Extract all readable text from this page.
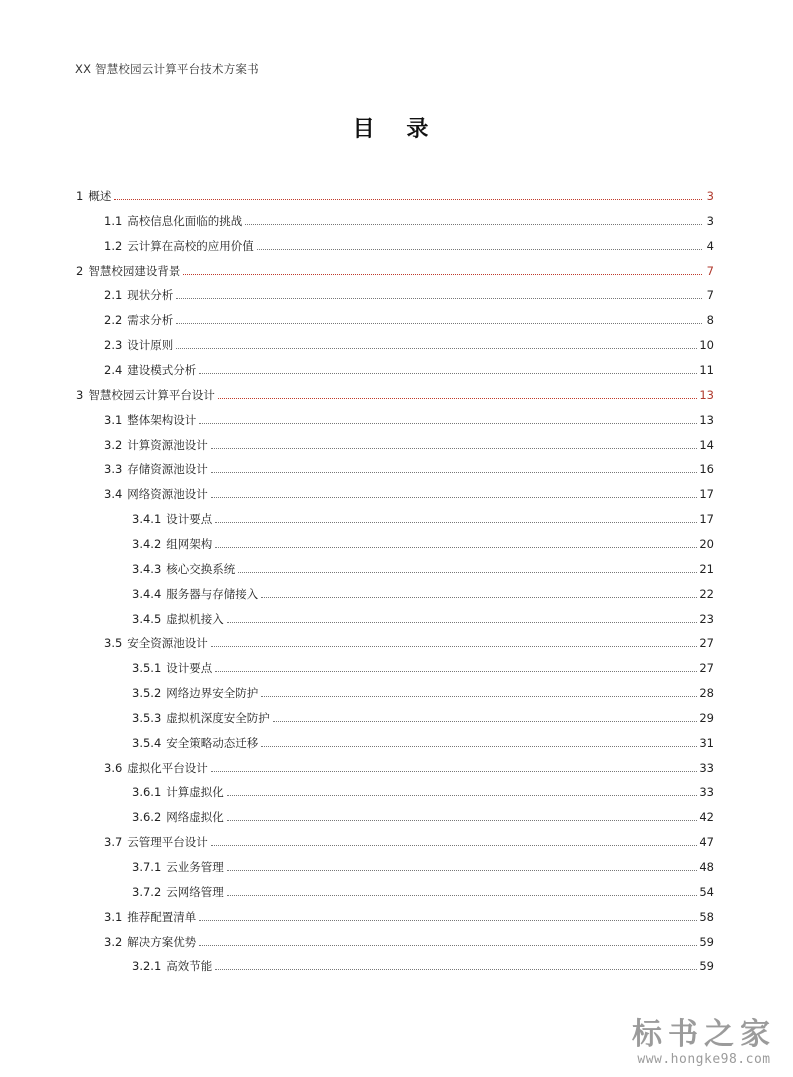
XX 智慧校园云计算平台技术方案书
目 录
1 概述	3
1.1 高校信息化面临的挑战	3
1.2 云计算在高校的应用价值	4
2 智慧校园建设背景	7
2.1 现状分析	7
2.2 需求分析	8
2.3 设计原则	10
2.4 建设模式分析	11
3 智慧校园云计算平台设计	13
3.1 整体架构设计	13
3.2 计算资源池设计	14
3.3 存储资源池设计	16
3.4 网络资源池设计	17
3.4.1 设计要点	17
3.4.2 组网架构	20
3.4.3 核心交换系统	21
3.4.4 服务器与存储接入	22
3.4.5 虚拟机接入	23
3.5 安全资源池设计	27
3.5.1 设计要点	27
3.5.2 网络边界安全防护	28
3.5.3 虚拟机深度安全防护	29
3.5.4 安全策略动态迁移	31
3.6 虚拟化平台设计	33
3.6.1 计算虚拟化	33
3.6.2 网络虚拟化	42
3.7 云管理平台设计	47
3.7.1 云业务管理	48
3.7.2 云网络管理	54
3.1 推荐配置清单	58
3.2 解决方案优势	59
3.2.1 高效节能	59
标书之家
www.hongke98.com
